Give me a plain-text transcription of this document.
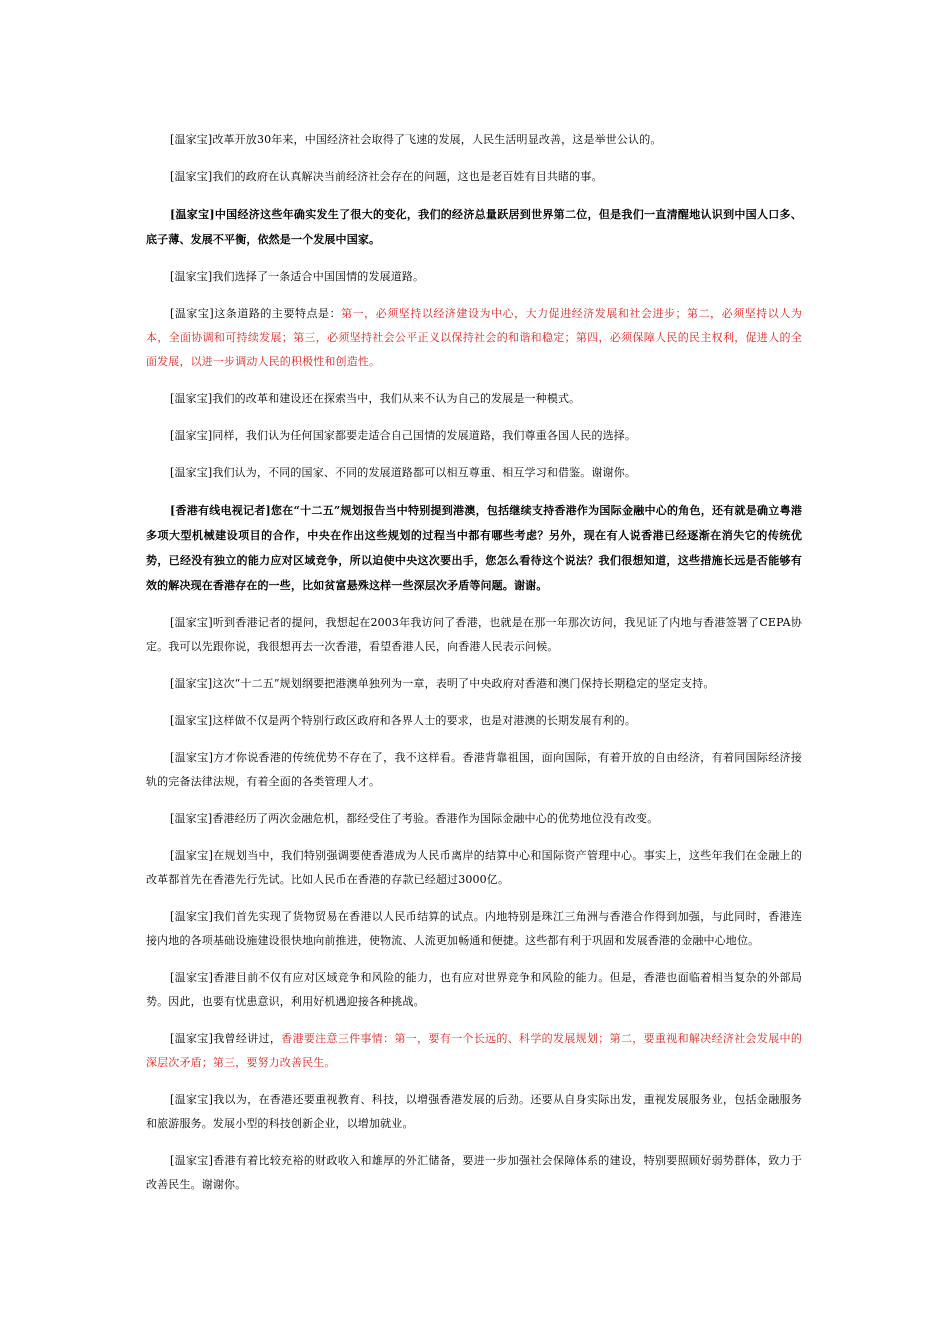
[温家宝]改革开放30年来，中国经济社会取得了飞速的发展，人民生活明显改善，这是举世公认的。

[温家宝]我们的政府在认真解决当前经济社会存在的问题，这也是老百姓有目共睹的事。

[温家宝]中国经济这些年确实发生了很大的变化，我们的经济总量跃居到世界第二位，但是我们一直清醒地认识到中国人口多、底子薄、发展不平衡，依然是一个发展中国家。

[温家宝]我们选择了一条适合中国国情的发展道路。

[温家宝]这条道路的主要特点是：第一，必须坚持以经济建设为中心，大力促进经济发展和社会进步；第二，必须坚持以人为本，全面协调和可持续发展；第三，必须坚持社会公平正义以保持社会的和谐和稳定；第四，必须保障人民的民主权利，促进人的全面发展，以进一步调动人民的积极性和创造性。

[温家宝]我们的改革和建设还在探索当中，我们从来不认为自己的发展是一种模式。

[温家宝]同样，我们认为任何国家都要走适合自己国情的发展道路，我们尊重各国人民的选择。

[温家宝]我们认为，不同的国家、不同的发展道路都可以相互尊重、相互学习和借鉴。谢谢你。

[香港有线电视记者]您在“十二五”规划报告当中特别提到港澳，包括继续支持香港作为国际金融中心的角色，还有就是确立粤港多项大型机械建设项目的合作，中央在作出这些规划的过程当中都有哪些考虑？另外，现在有人说香港已经逐渐在消失它的传统优势，已经没有独立的能力应对区域竞争，所以迫使中央这次要出手，您怎么看待这个说法？我们很想知道，这些措施长远是否能够有效的解决现在香港存在的一些，比如贫富悬殊这样一些深层次矛盾等问题。谢谢。

[温家宝]听到香港记者的提问，我想起在2003年我访问了香港，也就是在那一年那次访问，我见证了内地与香港签署了CEPA协定。我可以先跟你说，我很想再去一次香港，看望香港人民，向香港人民表示问候。

[温家宝]这次“十二五”规划纲要把港澳单独列为一章，表明了中央政府对香港和澳门保持长期稳定的坚定支持。

[温家宝]这样做不仅是两个特别行政区政府和各界人士的要求，也是对港澳的长期发展有利的。

[温家宝]方才你说香港的传统优势不存在了，我不这样看。香港背靠祖国，面向国际，有着开放的自由经济，有着同国际经济接轨的完备法律法规，有着全面的各类管理人才。

[温家宝]香港经历了两次金融危机，都经受住了考验。香港作为国际金融中心的优势地位没有改变。

[温家宝]在规划当中，我们特别强调要使香港成为人民币离岸的结算中心和国际资产管理中心。事实上，这些年我们在金融上的改革都首先在香港先行先试。比如人民币在香港的存款已经超过3000亿。

[温家宝]我们首先实现了货物贸易在香港以人民币结算的试点。内地特别是珠江三角洲与香港合作得到加强，与此同时，香港连接内地的各项基础设施建设很快地向前推进，使物流、人流更加畅通和便捷。这些都有利于巩固和发展香港的金融中心地位。

[温家宝]香港目前不仅有应对区域竞争和风险的能力，也有应对世界竞争和风险的能力。但是，香港也面临着相当复杂的外部局势。因此，也要有忧患意识，利用好机遇迎接各种挑战。

[温家宝]我曾经讲过，香港要注意三件事情：第一，要有一个长远的、科学的发展规划；第二，要重视和解决经济社会发展中的深层次矛盾；第三，要努力改善民生。

[温家宝]我以为，在香港还要重视教育、科技，以增强香港发展的后劲。还要从自身实际出发，重视发展服务业，包括金融服务和旅游服务。发展小型的科技创新企业，以增加就业。

[温家宝]香港有着比较充裕的财政收入和雄厚的外汇储备，要进一步加强社会保障体系的建设，特别要照顾好弱势群体，致力于改善民生。谢谢你。
